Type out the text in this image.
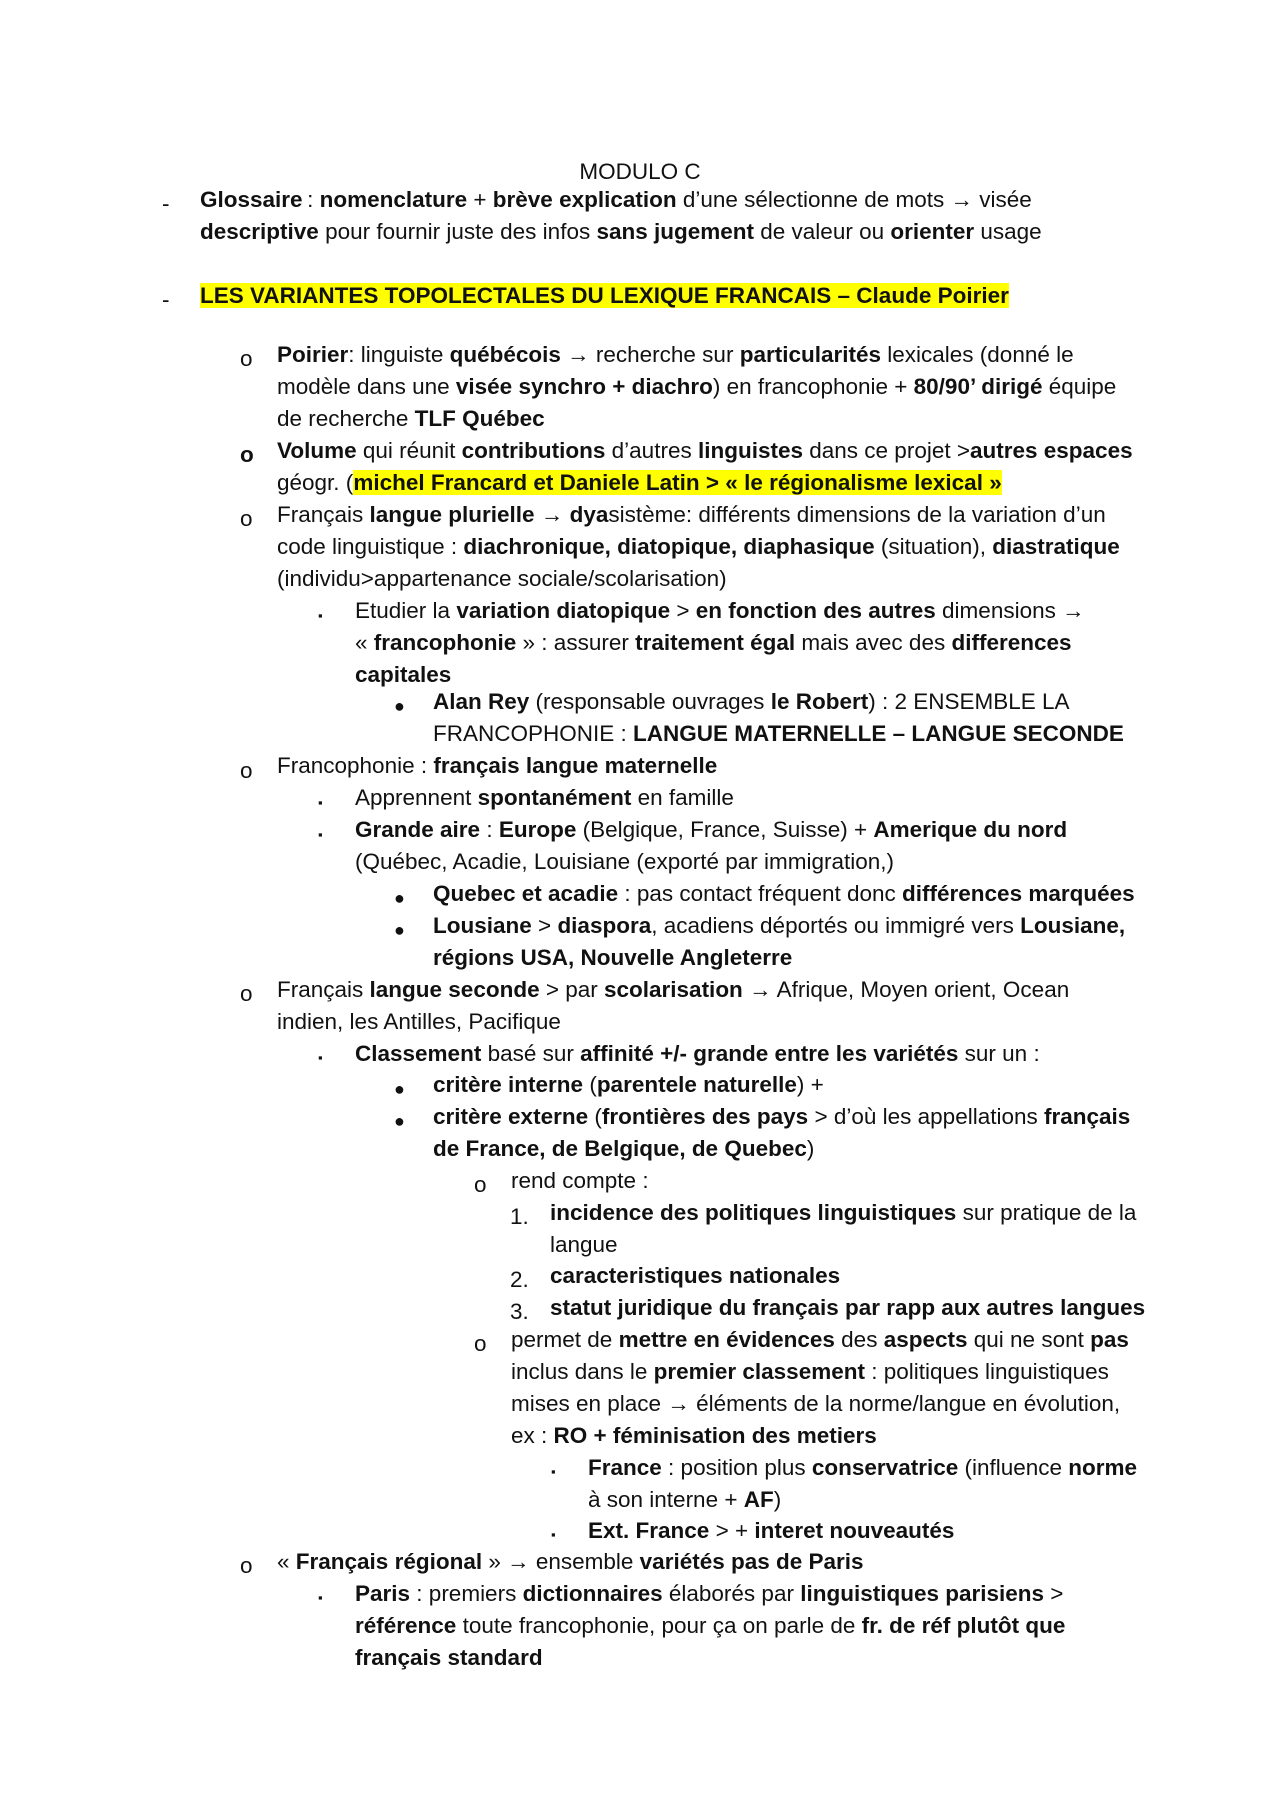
MODULO C
-
-
o
o
o
o
o
o
▪
▪
▪
▪
▪
●
●
●
●
●
o
o
1.
2.
3.
▪
▪
Glossaire : nomenclature + brève explication d’une sélectionne de mots → visée
descriptive pour fournir juste des infos sans jugement de valeur ou orienter usage
LES VARIANTES TOPOLECTALES DU LEXIQUE FRANCAIS – Claude Poirier
Poirier: linguiste québécois → recherche sur particularités lexicales (donné le
modèle dans une visée synchro + diachro) en francophonie + 80/90’ dirigé équipe
de recherche TLF Québec
Volume qui réunit contributions d’autres linguistes dans ce projet >autres espaces
géogr. (michel Francard et Daniele Latin > « le régionalisme lexical »
Français langue plurielle → dyasistème: différents dimensions de la variation d’un
code linguistique : diachronique, diatopique, diaphasique (situation), diastratique
(individu>appartenance sociale/scolarisation)
Etudier la variation diatopique > en fonction des autres dimensions →
« francophonie » : assurer traitement égal mais avec des differences
capitales
Alan Rey (responsable ouvrages le Robert) : 2 ENSEMBLE LA
FRANCOPHONIE : LANGUE MATERNELLE – LANGUE SECONDE
Francophonie : français langue maternelle
Apprennent spontanément en famille
Grande aire : Europe (Belgique, France, Suisse) + Amerique du nord
(Québec, Acadie, Louisiane (exporté par immigration,)
Quebec et acadie : pas contact fréquent donc différences marquées
Lousiane > diaspora, acadiens déportés ou immigré vers Lousiane,
régions USA, Nouvelle Angleterre
Français langue seconde > par scolarisation → Afrique, Moyen orient, Ocean
indien, les Antilles, Pacifique
Classement basé sur affinité +/- grande entre les variétés sur un :
critère interne (parentele naturelle) +
critère externe (frontières des pays > d’où les appellations français
de France, de Belgique, de Quebec)
rend compte :
incidence des politiques linguistiques sur pratique de la
langue
caracteristiques nationales
statut juridique du français par rapp aux autres langues
permet de mettre en évidences des aspects qui ne sont pas
inclus dans le premier classement : politiques linguistiques
mises en place → éléments de la norme/langue en évolution,
ex : RO + féminisation des metiers
France : position plus conservatrice (influence norme
à son interne + AF)
Ext. France > + interet nouveautés
« Français régional » → ensemble variétés pas de Paris
Paris : premiers dictionnaires élaborés par linguistiques parisiens >
référence toute francophonie, pour ça on parle de fr. de réf plutôt que
français standard
